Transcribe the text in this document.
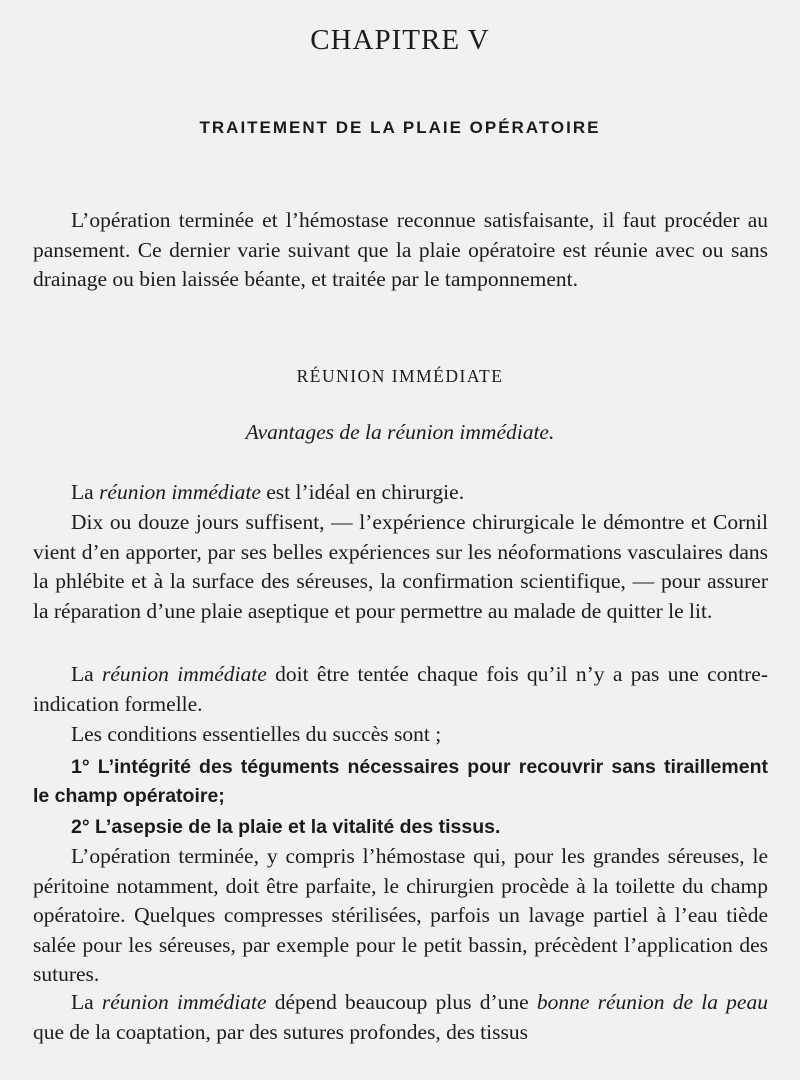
CHAPITRE V
TRAITEMENT DE LA PLAIE OPÉRATOIRE

L’opération terminée et l’hémostase reconnue satisfaisante, il faut procéder au pansement. Ce dernier varie suivant que la plaie opératoire est réunie avec ou sans drainage ou bien laissée béante, et traitée par le tamponnement.

RÉUNION IMMÉDIATE
Avantages de la réunion immédiate.

La réunion immédiate est l’idéal en chirurgie.

Dix ou douze jours suffisent, — l’expérience chirurgicale le démontre et Cornil vient d’en apporter, par ses belles expériences sur les néoformations vasculaires dans la phlébite et à la surface des séreuses, la confirmation scientifique, — pour assurer la réparation d’une plaie aseptique et pour permettre au malade de quitter le lit.

La réunion immédiate doit être tentée chaque fois qu’il n’y a pas une contre-indication formelle.

Les conditions essentielles du succès sont ;

1° L’intégrité des téguments nécessaires pour recouvrir sans tiraillement le champ opératoire;

2° L’asepsie de la plaie et la vitalité des tissus.

L’opération terminée, y compris l’hémostase qui, pour les grandes séreuses, le péritoine notamment, doit être parfaite, le chirurgien procède à la toilette du champ opératoire. Quelques compresses stérilisées, parfois un lavage partiel à l’eau tiède salée pour les séreuses, par exemple pour le petit bassin, précèdent l’application des sutures.

La réunion immédiate dépend beaucoup plus d’une bonne réunion de la peau que de la coaptation, par des sutures profondes, des tissus
